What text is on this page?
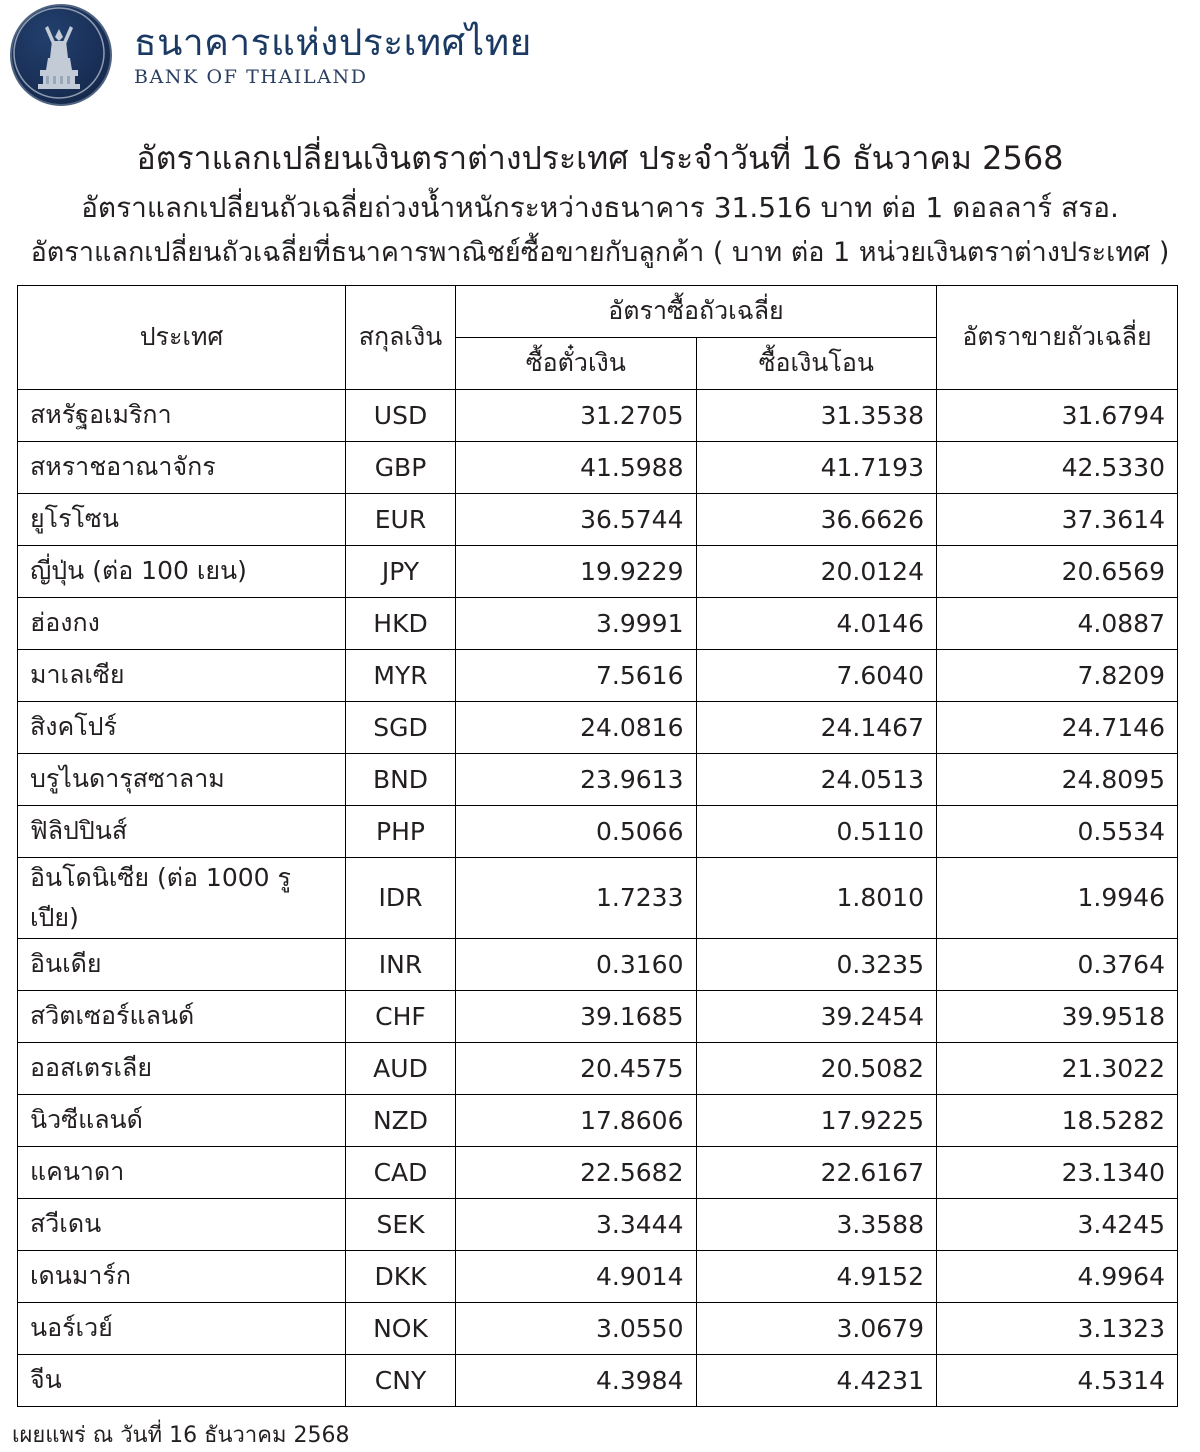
ธนาคารแห่งประเทศไทย
BANK OF THAILAND
อัตราแลกเปลี่ยนเงินตราต่างประเทศ ประจำวันที่ 16 ธันวาคม 2568
อัตราแลกเปลี่ยนถัวเฉลี่ยถ่วงน้ำหนักระหว่างธนาคาร 31.516 บาท ต่อ 1 ดอลลาร์ สรอ.
อัตราแลกเปลี่ยนถัวเฉลี่ยที่ธนาคารพาณิชย์ซื้อขายกับลูกค้า ( บาท ต่อ 1 หน่วยเงินตราต่างประเทศ )
ประเทศ	สกุลเงิน	อัตราซื้อถัวเฉลี่ย		อัตราขายถัวเฉลี่ย
		ซื้อตั๋วเงิน	ซื้อเงินโอน	
สหรัฐอเมริกา	USD	31.2705	31.3538	31.6794
สหราชอาณาจักร	GBP	41.5988	41.7193	42.5330
ยูโรโซน	EUR	36.5744	36.6626	37.3614
ญี่ปุ่น (ต่อ 100 เยน)	JPY	19.9229	20.0124	20.6569
ฮ่องกง	HKD	3.9991	4.0146	4.0887
มาเลเซีย	MYR	7.5616	7.6040	7.8209
สิงคโปร์	SGD	24.0816	24.1467	24.7146
บรูไนดารุสซาลาม	BND	23.9613	24.0513	24.8095
ฟิลิปปินส์	PHP	0.5066	0.5110	0.5534
อินโดนิเซีย (ต่อ 1000 รูเปีย)	IDR	1.7233	1.8010	1.9946
อินเดีย	INR	0.3160	0.3235	0.3764
สวิตเซอร์แลนด์	CHF	39.1685	39.2454	39.9518
ออสเตรเลีย	AUD	20.4575	20.5082	21.3022
นิวซีแลนด์	NZD	17.8606	17.9225	18.5282
แคนาดา	CAD	22.5682	22.6167	23.1340
สวีเดน	SEK	3.3444	3.3588	3.4245
เดนมาร์ก	DKK	4.9014	4.9152	4.9964
นอร์เวย์	NOK	3.0550	3.0679	3.1323
จีน	CNY	4.3984	4.4231	4.5314
เผยแพร่ ณ วันที่ 16 ธันวาคม 2568
